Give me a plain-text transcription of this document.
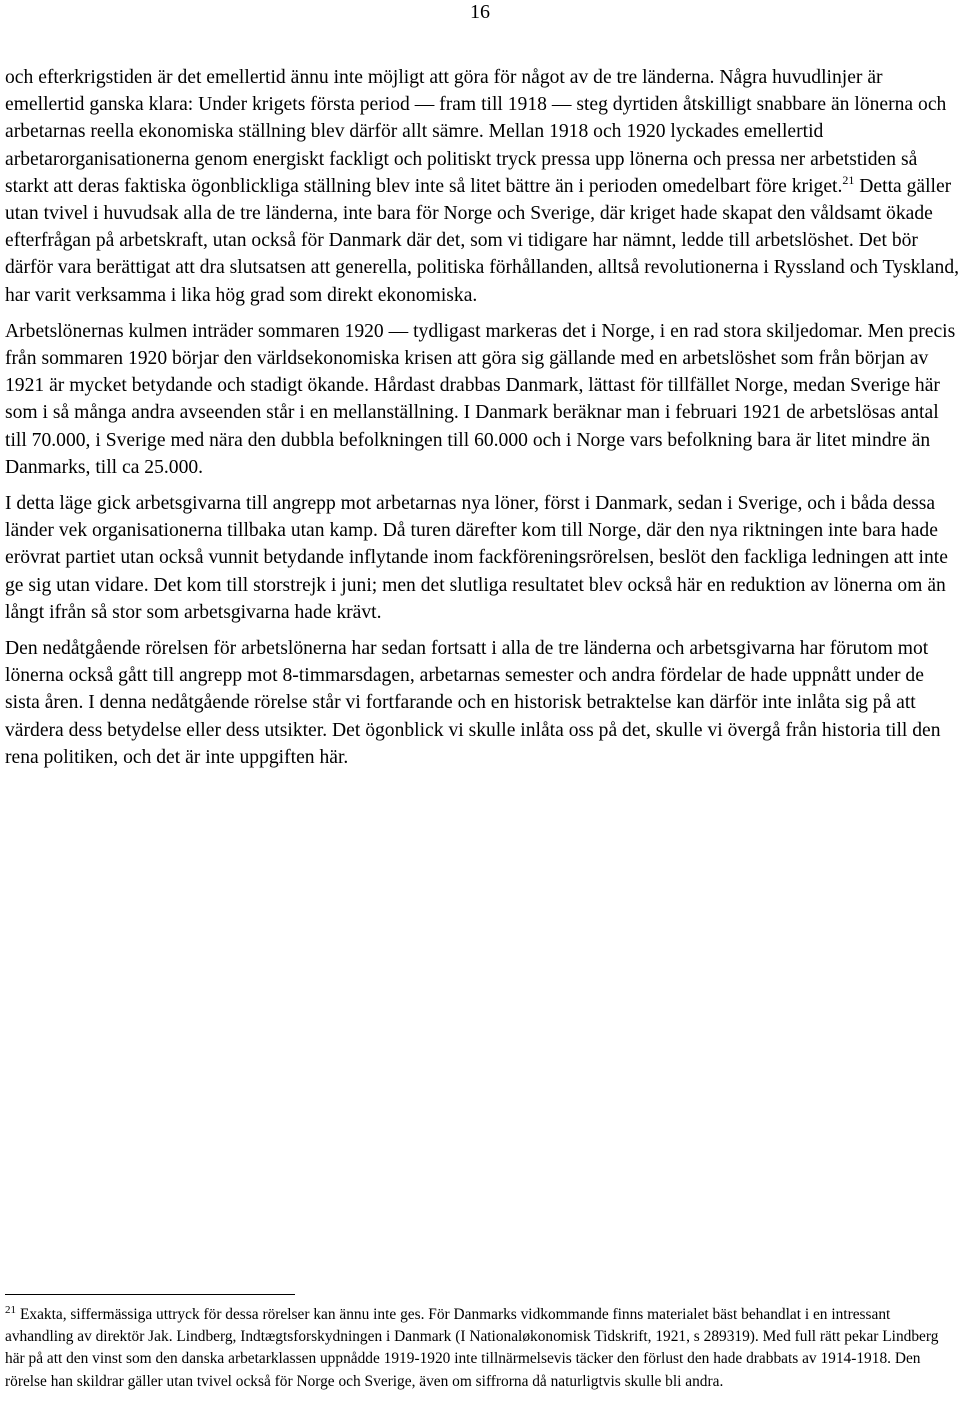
16

och efterkrigstiden är det emellertid ännu inte möjligt att göra för något av de tre länderna. Några huvudlinjer är emellertid ganska klara: Under krigets första period — fram till 1918 — steg dyrtiden åtskilligt snabbare än lönerna och arbetarnas reella ekonomiska ställning blev därför allt sämre. Mellan 1918 och 1920 lyckades emellertid arbetarorganisationerna genom energiskt fackligt och politiskt tryck pressa upp lönerna och pressa ner arbetstiden så starkt att deras faktiska ögonblickliga ställning blev inte så litet bättre än i perioden omedelbart före kriget.$^{21}$ Detta gäller utan tvivel i huvudsak alla de tre länderna, inte bara för Norge och Sverige, där kriget hade skapat den våldsamt ökade efterfrågan på arbetskraft, utan också för Danmark där det, som vi tidigare har nämnt, ledde till arbetslöshet. Det bör därför vara berättigat att dra slutsatsen att generella, politiska förhållanden, alltså revolutionerna i Ryssland och Tyskland, har varit verksamma i lika hög grad som direkt ekonomiska.

Arbetslönernas kulmen inträder sommaren 1920 — tydligast markeras det i Norge, i en rad stora skiljedomar. Men precis från sommaren 1920 börjar den världsekonomiska krisen att göra sig gällande med en arbetslöshet som från början av 1921 är mycket betydande och stadigt ökande. Hårdast drabbas Danmark, lättast för tillfället Norge, medan Sverige här som i så många andra avseenden står i en mellanställning. I Danmark beräknar man i februari 1921 de arbetslösas antal till 70.000, i Sverige med nära den dubbla befolkningen till 60.000 och i Norge vars befolkning bara är litet mindre än Danmarks, till ca 25.000.

I detta läge gick arbetsgivarna till angrepp mot arbetarnas nya löner, först i Danmark, sedan i Sverige, och i båda dessa länder vek organisationerna tillbaka utan kamp. Då turen därefter kom till Norge, där den nya riktningen inte bara hade erövrat partiet utan också vunnit betydande inflytande inom fackföreningsrörelsen, beslöt den fackliga ledningen att inte ge sig utan vidare. Det kom till storstrejk i juni; men det slutliga resultatet blev också här en reduktion av lönerna om än långt ifrån så stor som arbetsgivarna hade krävt.

Den nedåtgående rörelsen för arbetslönerna har sedan fortsatt i alla de tre länderna och arbetsgivarna har förutom mot lönerna också gått till angrepp mot 8-timmarsdagen, arbetarnas semester och andra fördelar de hade uppnått under de sista åren. I denna nedåtgående rörelse står vi fortfarande och en historisk betraktelse kan därför inte inlåta sig på att värdera dess betydelse eller dess utsikter. Det ögonblick vi skulle inlåta oss på det, skulle vi övergå från historia till den rena politiken, och det är inte uppgiften här.

$^{21}$ Exakta, siffermässiga uttryck för dessa rörelser kan ännu inte ges. För Danmarks vidkommande finns materialet bäst behandlat i en intressant avhandling av direktör Jak. Lindberg, Indtægtsforskydningen i Danmark (I Nationaløkonomisk Tidskrift, 1921, s 289319). Med full rätt pekar Lindberg här på att den vinst som den danska arbetarklassen uppnådde 1919-1920 inte tillnärmelsevis täcker den förlust den hade drabbats av 1914-1918. Den rörelse han skildrar gäller utan tvivel också för Norge och Sverige, även om siffrorna då naturligtvis skulle bli andra.
